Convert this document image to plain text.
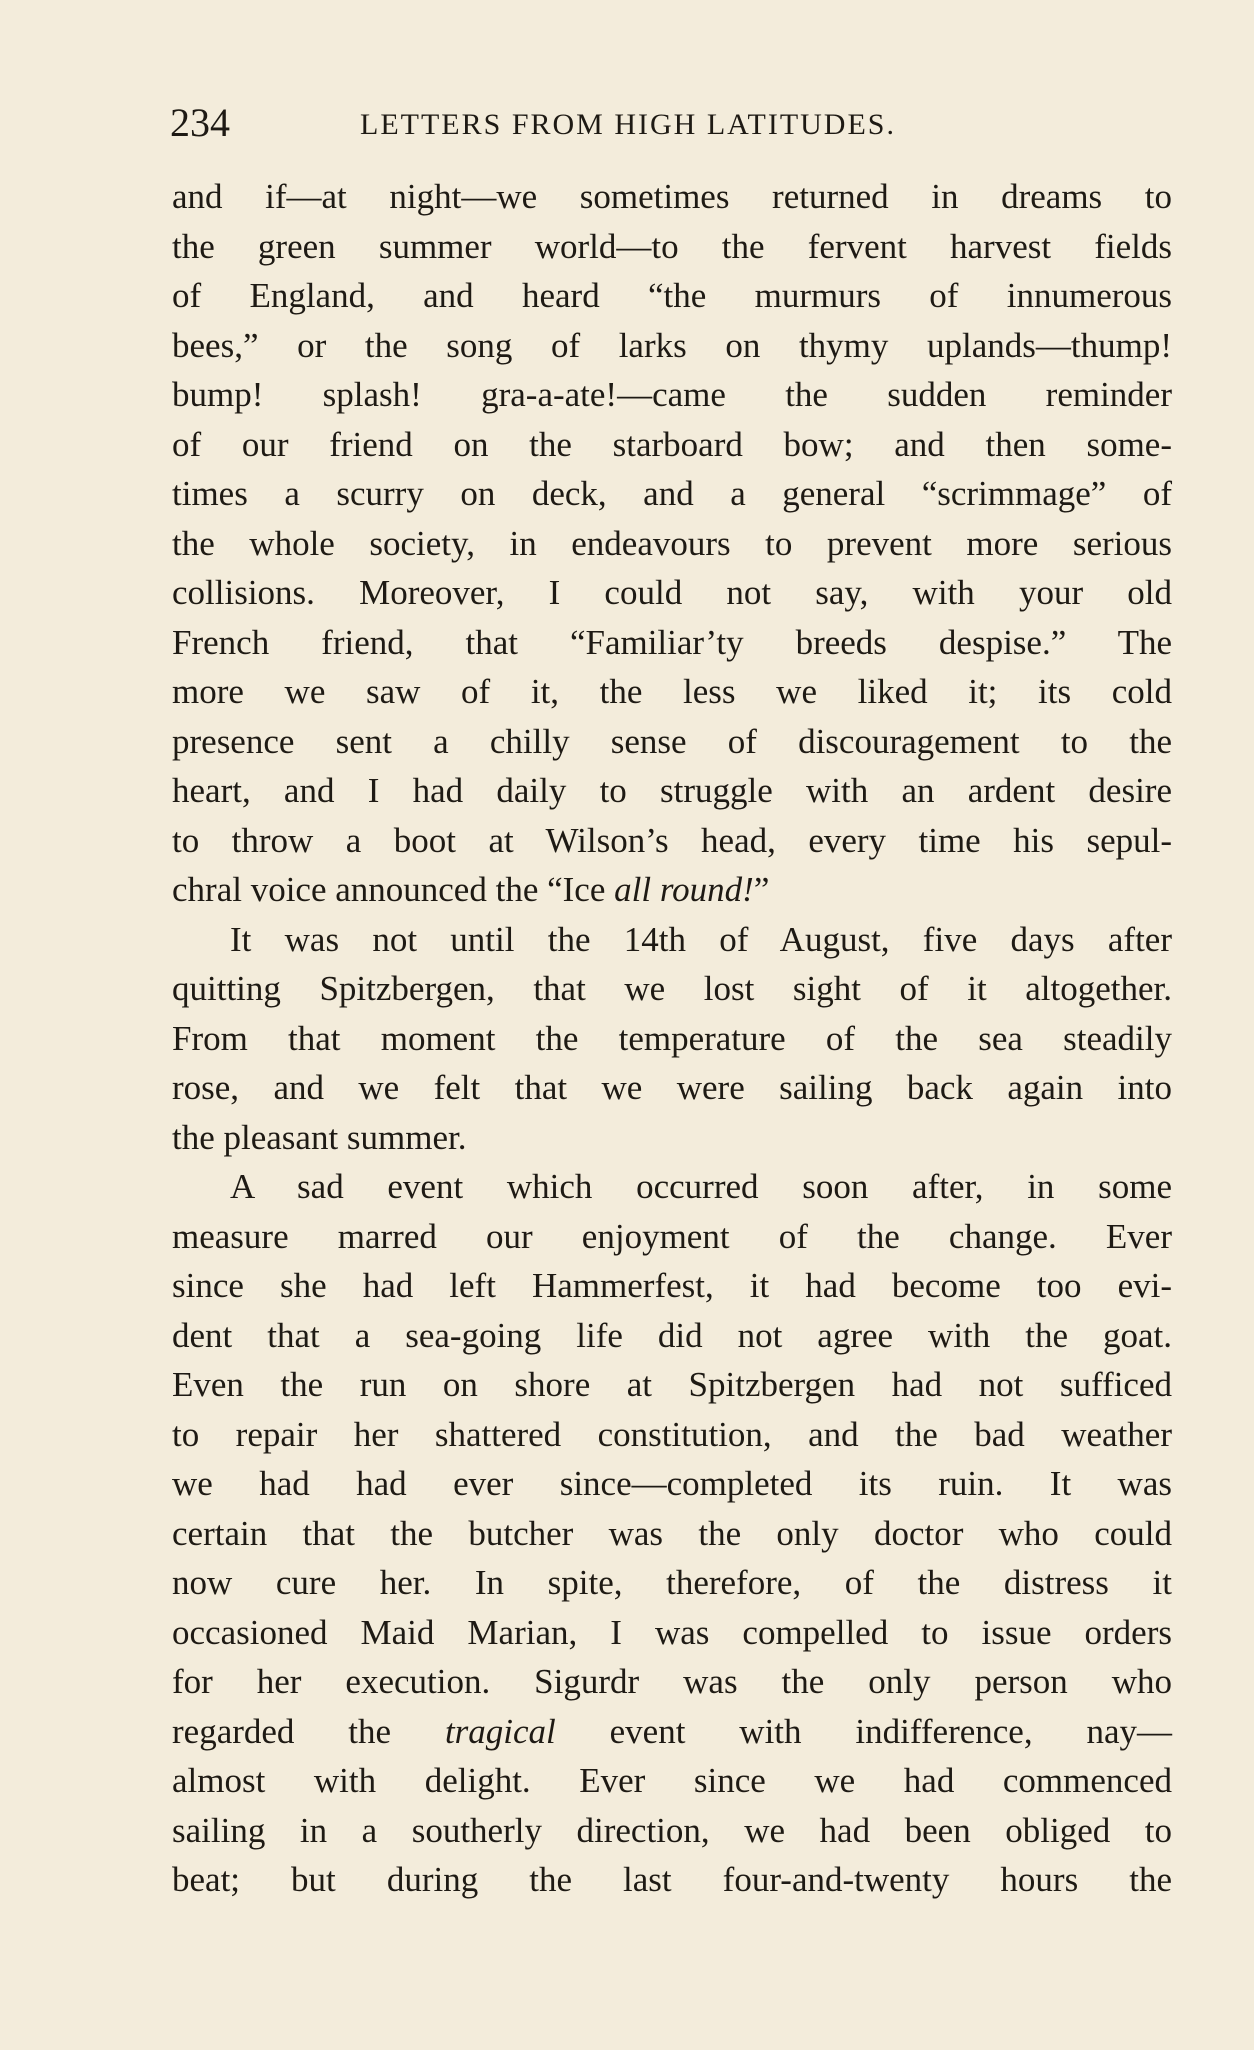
234	LETTERS FROM HIGH LATITUDES.
and if—at night—we sometimes returned in dreams to
the green summer world—to the fervent harvest fields
of England, and heard “the murmurs of innumerous
bees,” or the song of larks on thymy uplands—thump!
bump! splash! gra-a-ate!—came the sudden reminder
of our friend on the starboard bow; and then some-
times a scurry on deck, and a general “scrimmage” of
the whole society, in endeavours to prevent more serious
collisions. Moreover, I could not say, with your old
French friend, that “Familiar’ty breeds despise.” The
more we saw of it, the less we liked it; its cold
presence sent a chilly sense of discouragement to the
heart, and I had daily to struggle with an ardent desire
to throw a boot at Wilson’s head, every time his sepul-
chral voice announced the “Ice all round!”
It was not until the 14th of August, five days after
quitting Spitzbergen, that we lost sight of it altogether.
From that moment the temperature of the sea steadily
rose, and we felt that we were sailing back again into
the pleasant summer.
A sad event which occurred soon after, in some
measure marred our enjoyment of the change. Ever
since she had left Hammerfest, it had become too evi-
dent that a sea-going life did not agree with the goat.
Even the run on shore at Spitzbergen had not sufficed
to repair her shattered constitution, and the bad weather
we had had ever since—completed its ruin. It was
certain that the butcher was the only doctor who could
now cure her. In spite, therefore, of the distress it
occasioned Maid Marian, I was compelled to issue orders
for her execution. Sigurdr was the only person who
regarded the tragical event with indifference, nay—
almost with delight. Ever since we had commenced
sailing in a southerly direction, we had been obliged to
beat; but during the last four-and-twenty hours the
